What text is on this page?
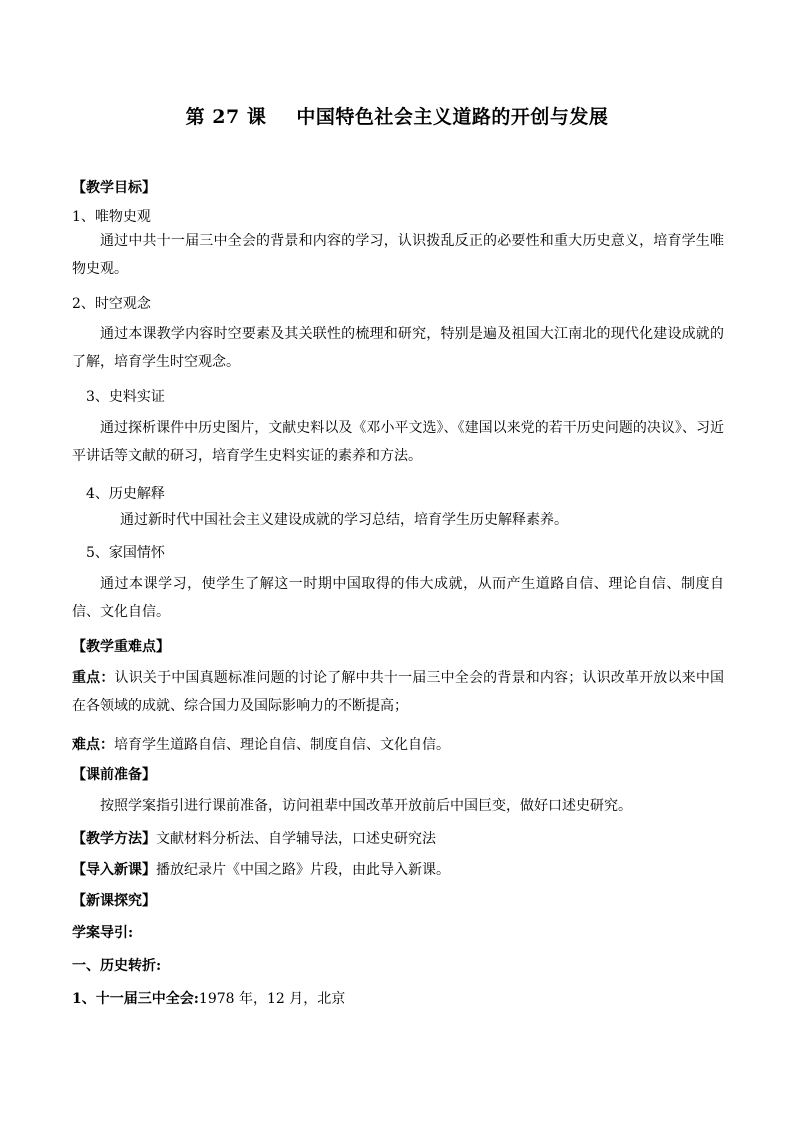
第 27 课 中国特色社会主义道路的开创与发展
【教学目标】
1、唯物史观
通过中共十一届三中全会的背景和内容的学习，认识拨乱反正的必要性和重大历史意义，培育学生唯物史观。
2、时空观念
通过本课教学内容时空要素及其关联性的梳理和研究，特别是遍及祖国大江南北的现代化建设成就的了解，培育学生时空观念。
3、史料实证
通过探析课件中历史图片，文献史料以及《邓小平文选》、《建国以来党的若干历史问题的决议》、习近平讲话等文献的研习，培育学生史料实证的素养和方法。
4、历史解释
通过新时代中国社会主义建设成就的学习总结，培育学生历史解释素养。
5、家国情怀
通过本课学习，使学生了解这一时期中国取得的伟大成就，从而产生道路自信、理论自信、制度自信、文化自信。
【教学重难点】
重点：认识关于中国真题标准问题的讨论了解中共十一届三中全会的背景和内容；认识改革开放以来中国在各领域的成就、综合国力及国际影响力的不断提高；
难点：培育学生道路自信、理论自信、制度自信、文化自信。
【课前准备】
按照学案指引进行课前准备，访问祖辈中国改革开放前后中国巨变，做好口述史研究。
【教学方法】文献材料分析法、自学辅导法，口述史研究法
【导入新课】播放纪录片《中国之路》片段，由此导入新课。
【新课探究】
学案导引:
一、历史转折:
1、十一届三中全会:1978 年，12 月，北京
